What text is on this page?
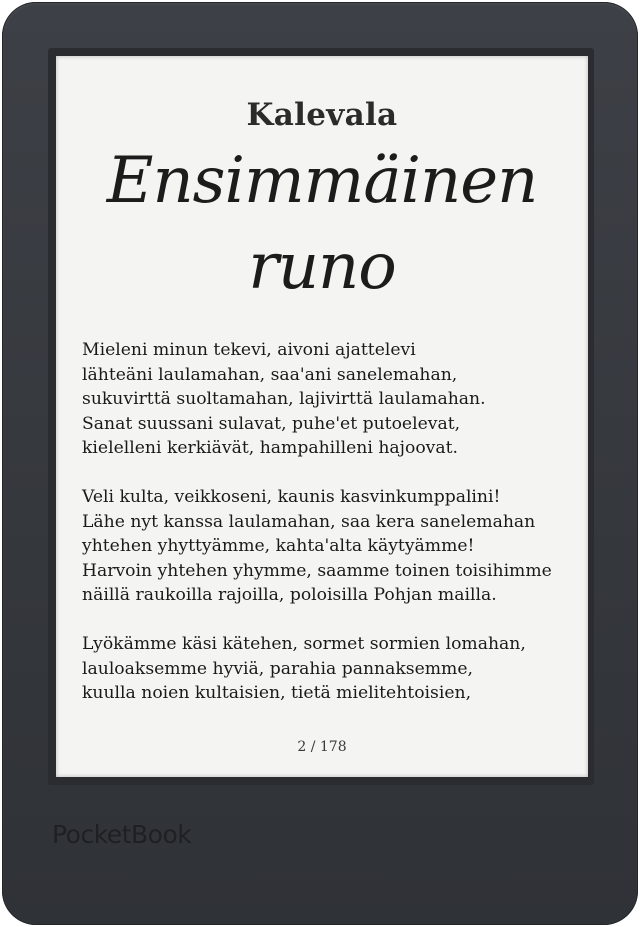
Kalevala
Ensimmäinen
runo
Mieleni minun tekevi, aivoni ajattelevi
lähteäni laulamahan, saa'ani sanelemahan,
sukuvirttä suoltamahan, lajivirttä laulamahan.
Sanat suussani sulavat, puhe'et putoelevat,
kielelleni kerkiävät, hampahilleni hajoovat.
Veli kulta, veikkoseni, kaunis kasvinkumppalini!
Lähe nyt kanssa laulamahan, saa kera sanelemahan
yhtehen yhyttyämme, kahta'alta käytyämme!
Harvoin yhtehen yhymme, saamme toinen toisihimme
näillä raukoilla rajoilla, poloisilla Pohjan mailla.
Lyökämme käsi kätehen, sormet sormien lomahan,
lauloaksemme hyviä, parahia pannaksemme,
kuulla noien kultaisien, tietä mielitehtoisien,
2 / 178
PocketBook
